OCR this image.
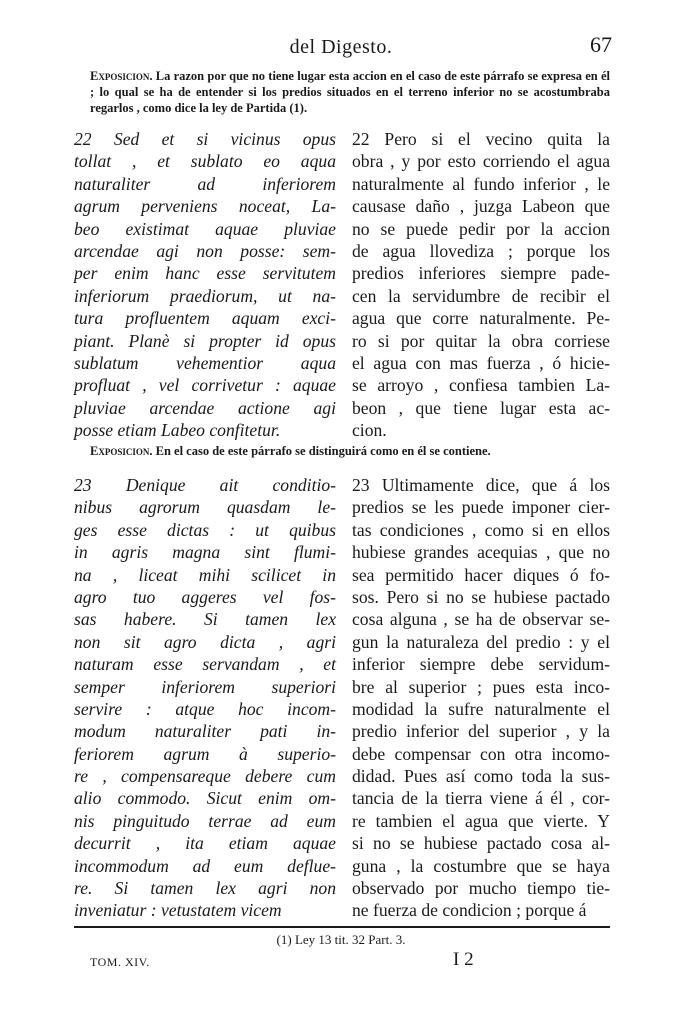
del Digesto.	67
Exposicion. La razon por que no tiene lugar esta accion en el caso de este párrafo se expresa en él ; lo qual se ha de entender si los predios situados en el terreno inferior no se acostumbraba regarlos , como dice la ley de Partida (1).
22 Sed et si vicinus opus
tollat , et sublato eo aqua
naturaliter ad inferiorem
agrum perveniens noceat, La-
beo existimat aquae pluviae
arcendae agi non posse: sem-
per enim hanc esse servitutem
inferiorum praediorum, ut na-
tura profluentem aquam exci-
piant. Planè si propter id opus
sublatum vehementior aqua
profluat , vel corrivetur : aquae
pluviae arcendae actione agi
posse etiam Labeo confitetur.
22 Pero si el vecino quita la
obra , y por esto corriendo el agua
naturalmente al fundo inferior , le
causase daño , juzga Labeon que
no se puede pedir por la accion
de agua llovediza ; porque los
predios inferiores siempre pade-
cen la servidumbre de recibir el
agua que corre naturalmente. Pe-
ro si por quitar la obra corriese
el agua con mas fuerza , ó hicie-
se arroyo , confiesa tambien La-
beon , que tiene lugar esta ac-
cion.
Exposicion. En el caso de este párrafo se distinguirá como en él se contiene.
23 Denique ait conditio-
nibus agrorum quasdam le-
ges esse dictas : ut quibus
in agris magna sint flumi-
na , liceat mihi scilicet in
agro tuo aggeres vel fos-
sas habere. Si tamen lex
non sit agro dicta , agri
naturam esse servandam , et
semper inferiorem superiori
servire : atque hoc incom-
modum naturaliter pati in-
feriorem agrum à superio-
re , compensareque debere cum
alio commodo. Sicut enim om-
nis pinguitudo terrae ad eum
decurrit , ita etiam aquae
incommodum ad eum deflue-
re. Si tamen lex agri non
inveniatur : vetustatem vicem
23 Ultimamente dice, que á los
predios se les puede imponer cier-
tas condiciones , como si en ellos
hubiese grandes acequias , que no
sea permitido hacer diques ó fo-
sos. Pero si no se hubiese pactado
cosa alguna , se ha de observar se-
gun la naturaleza del predio : y el
inferior siempre debe servidum-
bre al superior ; pues esta inco-
modidad la sufre naturalmente el
predio inferior del superior , y la
debe compensar con otra incomo-
didad. Pues así como toda la sus-
tancia de la tierra viene á él , cor-
re tambien el agua que vierte. Y
si no se hubiese pactado cosa al-
guna , la costumbre que se haya
observado por mucho tiempo tie-
ne fuerza de condicion ; porque á
(1) Ley 13 tit. 32 Part. 3.
TOM. XIV.	I 2
